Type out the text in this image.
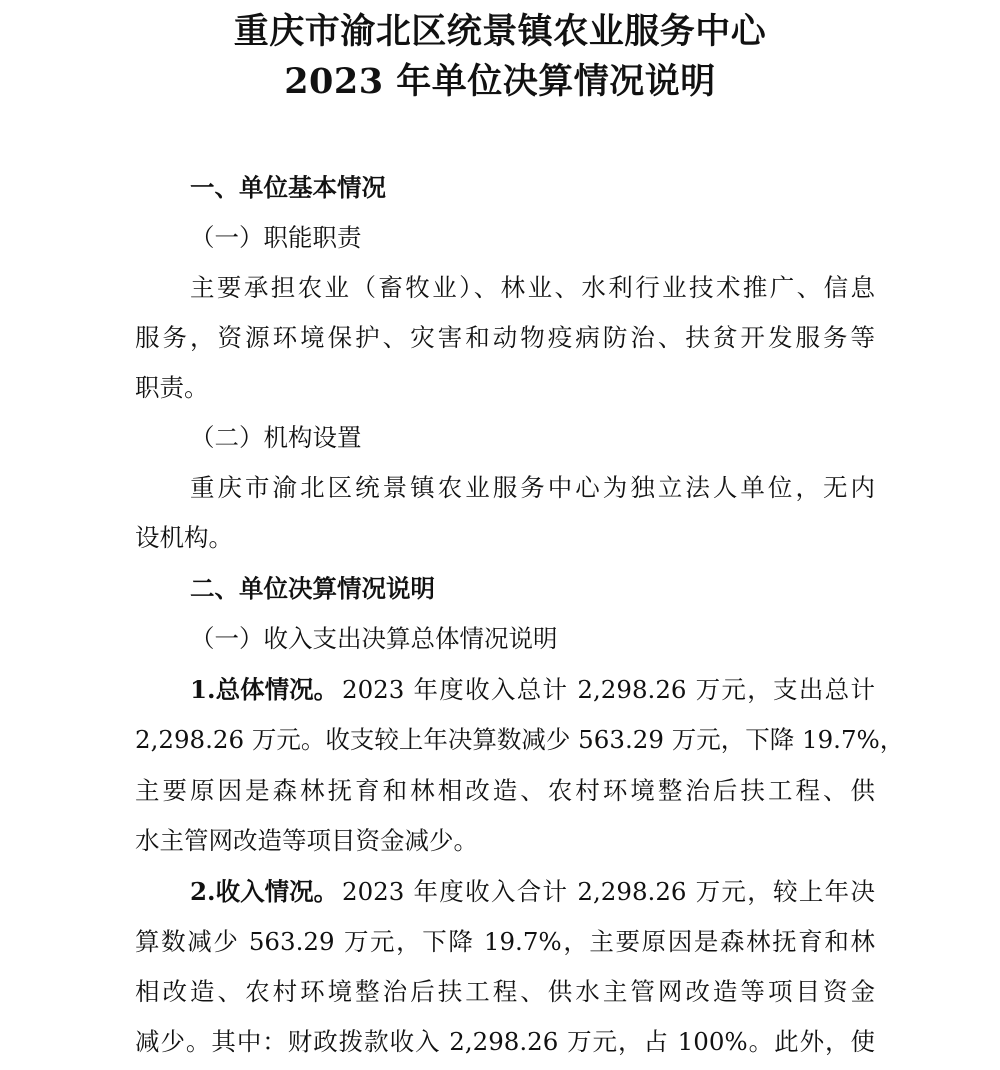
重庆市渝北区统景镇农业服务中心
2023 年单位决算情况说明

一、单位基本情况

（一）职能职责

主要承担农业（畜牧业）、林业、水利行业技术推广、信息

服务，资源环境保护、灾害和动物疫病防治、扶贫开发服务等

职责。

（二）机构设置

重庆市渝北区统景镇农业服务中心为独立法人单位，无内

设机构。

二、单位决算情况说明

（一）收入支出决算总体情况说明

1.总体情况。 2023 年度收入总计 2,298.26 万元，支出总计

2,298.26 万元。收支较上年决算数减少 563.29 万元，下降 19.7%，

主要原因是森林抚育和林相改造、农村环境整治后扶工程、供

水主管网改造等项目资金减少。

2.收入情况。 2023 年度收入合计 2,298.26 万元，较上年决

算数减少 563.29 万元，下降 19.7%，主要原因是森林抚育和林

相改造、农村环境整治后扶工程、供水主管网改造等项目资金

减少。其中：财政拨款收入 2,298.26 万元，占 100%。此外，使
